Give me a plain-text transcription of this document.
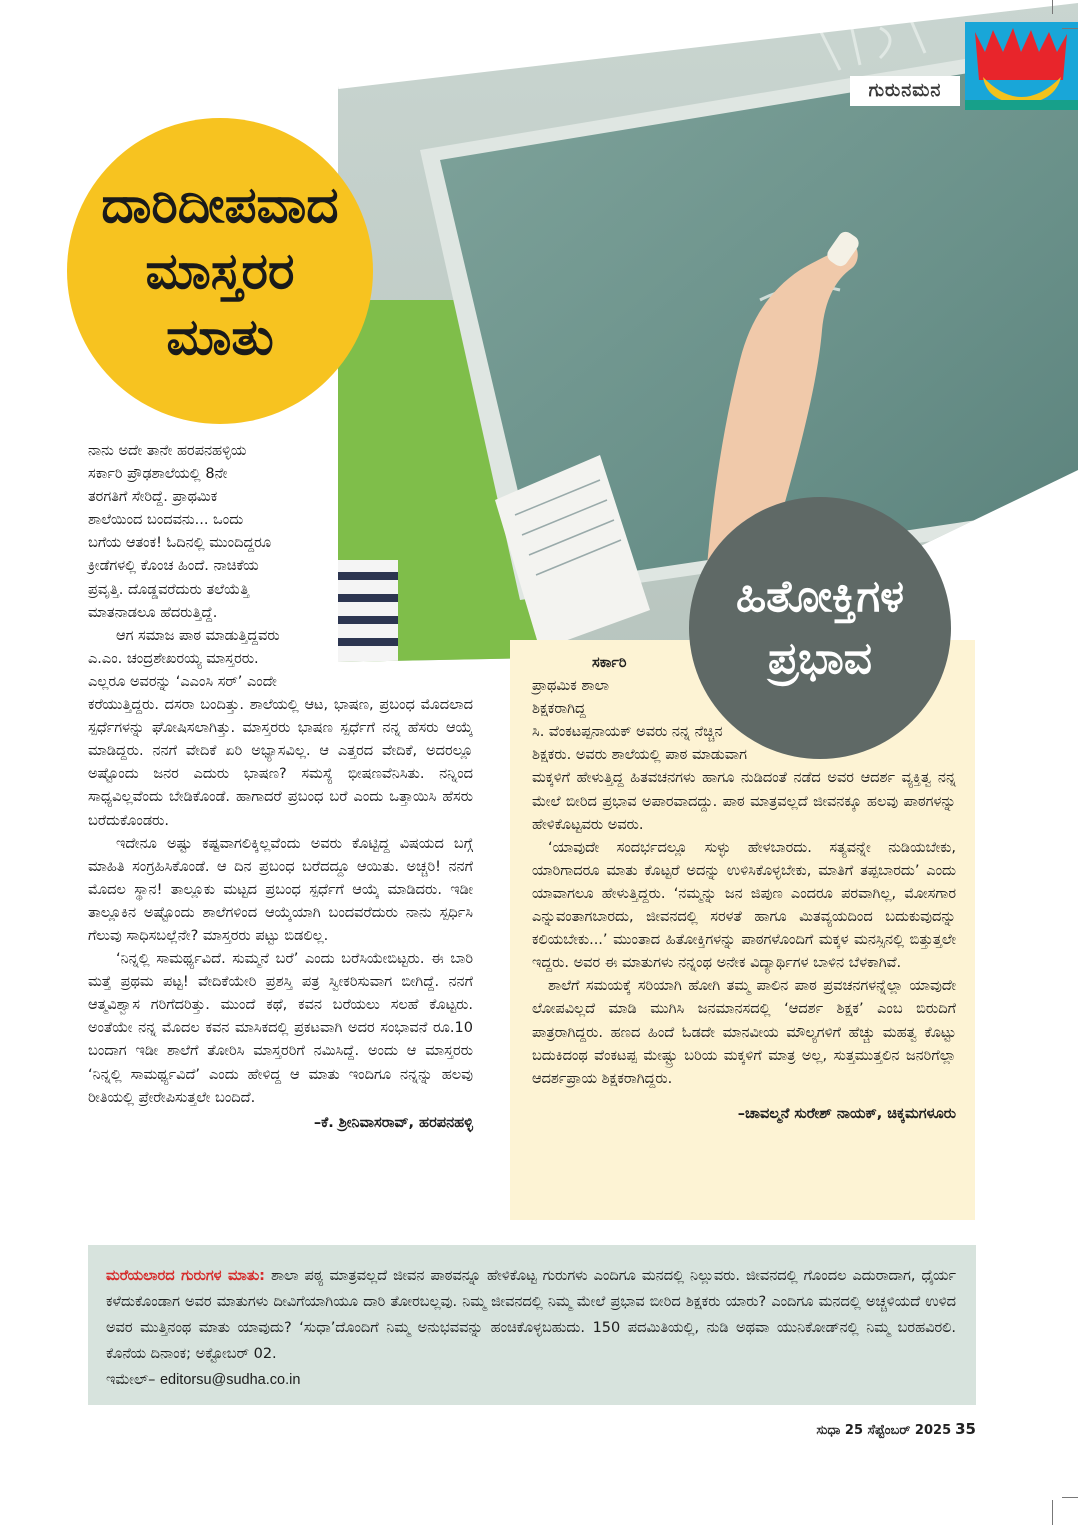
ಗುರುನಮನ
ದಾರಿದೀಪವಾದ
ಮಾಸ್ತರರ
ಮಾತು
ಹಿತೋಕ್ತಿಗಳ
ಪ್ರಭಾವ
ನಾನು ಅದೇ ತಾನೇ ಹರಪನಹಳ್ಳಿಯ
ಸರ್ಕಾರಿ ಪ್ರೌಢಶಾಲೆಯಲ್ಲಿ 8ನೇ
ತರಗತಿಗೆ ಸೇರಿದ್ದೆ. ಪ್ರಾಥಮಿಕ
ಶಾಲೆಯಿಂದ ಬಂದವನು... ಒಂದು
ಬಗೆಯ ಆತಂಕ! ಓದಿನಲ್ಲಿ ಮುಂದಿದ್ದರೂ
ಕ್ರೀಡೆಗಳಲ್ಲಿ ಕೊಂಚ ಹಿಂದೆ. ನಾಚಿಕೆಯ
ಪ್ರವೃತ್ತಿ. ದೊಡ್ಡವರೆದುರು ತಲೆಯೆತ್ತಿ
ಮಾತನಾಡಲೂ ಹೆದರುತ್ತಿದ್ದೆ.
ಆಗ ಸಮಾಜ ಪಾಠ ಮಾಡುತ್ತಿದ್ದವರು
ಎ.ಎಂ. ಚಂದ್ರಶೇಖರಯ್ಯ ಮಾಸ್ತರರು.
ಎಲ್ಲರೂ ಅವರನ್ನು ‘ಎಎಂಸಿ ಸರ್’ ಎಂದೇ

ಕರೆಯುತ್ತಿದ್ದರು. ದಸರಾ ಬಂದಿತ್ತು. ಶಾಲೆಯಲ್ಲಿ ಆಟ, ಭಾಷಣ, ಪ್ರಬಂಧ ಮೊದಲಾದ ಸ್ಪರ್ಧೆಗಳನ್ನು ಘೋಷಿಸಲಾಗಿತ್ತು. ಮಾಸ್ತರರು ಭಾಷಣ ಸ್ಪರ್ಧೆಗೆ ನನ್ನ ಹೆಸರು ಆಯ್ಕೆ ಮಾಡಿದ್ದರು. ನನಗೆ ವೇದಿಕೆ ಏರಿ ಅಭ್ಯಾಸವಿಲ್ಲ. ಆ ಎತ್ತರದ ವೇದಿಕೆ, ಅದರಲ್ಲೂ ಅಷ್ಟೊಂದು ಜನರ ಎದುರು ಭಾಷಣ? ಸಮಸ್ಯೆ ಭೀಷಣವೆನಿಸಿತು. ನನ್ನಿಂದ ಸಾಧ್ಯವಿಲ್ಲವೆಂದು ಬೇಡಿಕೊಂಡೆ. ಹಾಗಾದರೆ ಪ್ರಬಂಧ ಬರೆ ಎಂದು ಒತ್ತಾಯಿಸಿ ಹೆಸರು ಬರೆದುಕೊಂಡರು.

ಇದೇನೂ ಅಷ್ಟು ಕಷ್ಟವಾಗಲಿಕ್ಕಿಲ್ಲವೆಂದು ಅವರು ಕೊಟ್ಟಿದ್ದ ವಿಷಯದ ಬಗ್ಗೆ ಮಾಹಿತಿ ಸಂಗ್ರಹಿಸಿಕೊಂಡೆ. ಆ ದಿನ ಪ್ರಬಂಧ ಬರೆದದ್ದೂ ಆಯಿತು. ಅಚ್ಚರಿ! ನನಗೆ ಮೊದಲ ಸ್ಥಾನ! ತಾಲ್ಲೂಕು ಮಟ್ಟದ ಪ್ರಬಂಧ ಸ್ಪರ್ಧೆಗೆ ಆಯ್ಕೆ ಮಾಡಿದರು. ಇಡೀ ತಾಲ್ಲೂಕಿನ ಅಷ್ಟೊಂದು ಶಾಲೆಗಳಿಂದ ಆಯ್ಕೆಯಾಗಿ ಬಂದವರೆದುರು ನಾನು ಸ್ಪರ್ಧಿಸಿ ಗೆಲುವು ಸಾಧಿಸಬಲ್ಲೆನೇ? ಮಾಸ್ತರರು ಪಟ್ಟು ಬಿಡಲಿಲ್ಲ.

‘ನಿನ್ನಲ್ಲಿ ಸಾಮರ್ಥ್ಯವಿದೆ. ಸುಮ್ಮನೆ ಬರೆ’ ಎಂದು ಬರೆಸಿಯೇಬಿಟ್ಟರು. ಈ ಬಾರಿ ಮತ್ತೆ ಪ್ರಥಮ ಪಟ್ಟ! ವೇದಿಕೆಯೇರಿ ಪ್ರಶಸ್ತಿ ಪತ್ರ ಸ್ವೀಕರಿಸುವಾಗ ಬೀಗಿದ್ದೆ. ನನಗೆ ಆತ್ಮವಿಶ್ವಾಸ ಗರಿಗೆದರಿತ್ತು. ಮುಂದೆ ಕಥೆ, ಕವನ ಬರೆಯಲು ಸಲಹೆ ಕೊಟ್ಟರು. ಅಂತೆಯೇ ನನ್ನ ಮೊದಲ ಕವನ ಮಾಸಿಕದಲ್ಲಿ ಪ್ರಕಟವಾಗಿ ಅದರ ಸಂಭಾವನೆ ರೂ.10 ಬಂದಾಗ ಇಡೀ ಶಾಲೆಗೆ ತೋರಿಸಿ ಮಾಸ್ತರರಿಗೆ ನಮಿಸಿದ್ದೆ. ಅಂದು ಆ ಮಾಸ್ತರರು ‘ನಿನ್ನಲ್ಲಿ ಸಾಮರ್ಥ್ಯವಿದೆ’ ಎಂದು ಹೇಳಿದ್ದ ಆ ಮಾತು ಇಂದಿಗೂ ನನ್ನನ್ನು ಹಲವು ರೀತಿಯಲ್ಲಿ ಪ್ರೇರೇಪಿಸುತ್ತಲೇ ಬಂದಿದೆ.

–ಕೆ. ಶ್ರೀನಿವಾಸರಾವ್, ಹರಪನಹಳ್ಳಿ
ಸರ್ಕಾರಿ
ಪ್ರಾಥಮಿಕ ಶಾಲಾ
ಶಿಕ್ಷಕರಾಗಿದ್ದ
ಸಿ. ವೆಂಕಟಪ್ಪನಾಯಕ್ ಅವರು ನನ್ನ ನೆಚ್ಚಿನ
ಶಿಕ್ಷಕರು. ಅವರು ಶಾಲೆಯಲ್ಲಿ ಪಾಠ ಮಾಡುವಾಗ

ಮಕ್ಕಳಿಗೆ ಹೇಳುತ್ತಿದ್ದ ಹಿತವಚನಗಳು ಹಾಗೂ ನುಡಿದಂತೆ ನಡೆದ ಅವರ ಆದರ್ಶ ವ್ಯಕ್ತಿತ್ವ ನನ್ನ ಮೇಲೆ ಬೀರಿದ ಪ್ರಭಾವ ಅಪಾರವಾದದ್ದು. ಪಾಠ ಮಾತ್ರವಲ್ಲದೆ ಜೀವನಕ್ಕೂ ಹಲವು ಪಾಠಗಳನ್ನು ಹೇಳಿಕೊಟ್ಟವರು ಅವರು.

‘ಯಾವುದೇ ಸಂದರ್ಭದಲ್ಲೂ ಸುಳ್ಳು ಹೇಳಬಾರದು. ಸತ್ಯವನ್ನೇ ನುಡಿಯಬೇಕು, ಯಾರಿಗಾದರೂ ಮಾತು ಕೊಟ್ಟರೆ ಅದನ್ನು ಉಳಿಸಿಕೊಳ್ಳಬೇಕು, ಮಾತಿಗೆ ತಪ್ಪಬಾರದು’ ಎಂದು ಯಾವಾಗಲೂ ಹೇಳುತ್ತಿದ್ದರು. ‘ನಮ್ಮನ್ನು ಜನ ಜಿಪುಣ ಎಂದರೂ ಪರವಾಗಿಲ್ಲ, ಮೋಸಗಾರ ಎನ್ನುವಂತಾಗಬಾರದು, ಜೀವನದಲ್ಲಿ ಸರಳತೆ ಹಾಗೂ ಮಿತವ್ಯಯದಿಂದ ಬದುಕುವುದನ್ನು ಕಲಿಯಬೇಕು...’ ಮುಂತಾದ ಹಿತೋಕ್ತಿಗಳನ್ನು ಪಾಠಗಳೊಂದಿಗೆ ಮಕ್ಕಳ ಮನಸ್ಸಿನಲ್ಲಿ ಬಿತ್ತುತ್ತಲೇ ಇದ್ದರು. ಅವರ ಈ ಮಾತುಗಳು ನನ್ನಂಥ ಅನೇಕ ವಿದ್ಯಾರ್ಥಿಗಳ ಬಾಳಿನ ಬೆಳಕಾಗಿವೆ.

ಶಾಲೆಗೆ ಸಮಯಕ್ಕೆ ಸರಿಯಾಗಿ ಹೋಗಿ ತಮ್ಮ ಪಾಲಿನ ಪಾಠ ಪ್ರವಚನಗಳನ್ನೆಲ್ಲಾ ಯಾವುದೇ ಲೋಪವಿಲ್ಲದೆ ಮಾಡಿ ಮುಗಿಸಿ ಜನಮಾನಸದಲ್ಲಿ ‘ಆದರ್ಶ ಶಿಕ್ಷಕ’ ಎಂಬ ಬಿರುದಿಗೆ ಪಾತ್ರರಾಗಿದ್ದರು. ಹಣದ ಹಿಂದೆ ಓಡದೇ ಮಾನವೀಯ ಮೌಲ್ಯಗಳಿಗೆ ಹೆಚ್ಚು ಮಹತ್ವ ಕೊಟ್ಟು ಬದುಕಿದಂಥ ವೆಂಕಟಪ್ಪ ಮೇಷ್ಟ್ರು ಬರಿಯ ಮಕ್ಕಳಿಗೆ ಮಾತ್ರ ಅಲ್ಲ, ಸುತ್ತಮುತ್ತಲಿನ ಜನರಿಗೆಲ್ಲಾ ಆದರ್ಶಪ್ರಾಯ ಶಿಕ್ಷಕರಾಗಿದ್ದರು.

–ಚಾವಲ್ಮನೆ ಸುರೇಶ್ ನಾಯಕ್, ಚಿಕ್ಕಮಗಳೂರು
ಮರೆಯಲಾರದ ಗುರುಗಳ ಮಾತು: ಶಾಲಾ ಪಠ್ಯ ಮಾತ್ರವಲ್ಲದೆ ಜೀವನ ಪಾಠವನ್ನೂ ಹೇಳಿಕೊಟ್ಟ ಗುರುಗಳು ಎಂದಿಗೂ ಮನದಲ್ಲಿ ನಿಲ್ಲುವರು. ಜೀವನದಲ್ಲಿ ಗೊಂದಲ ಎದುರಾದಾಗ, ಧೈರ್ಯ ಕಳೆದುಕೊಂಡಾಗ ಅವರ ಮಾತುಗಳು ದೀವಿಗೆಯಾಗಿಯೂ ದಾರಿ ತೋರಬಲ್ಲವು. ನಿಮ್ಮ ಜೀವನದಲ್ಲಿ ನಿಮ್ಮ ಮೇಲೆ ಪ್ರಭಾವ ಬೀರಿದ ಶಿಕ್ಷಕರು ಯಾರು? ಎಂದಿಗೂ ಮನದಲ್ಲಿ ಅಚ್ಚಳಿಯದೆ ಉಳಿದ ಅವರ ಮುತ್ತಿನಂಥ ಮಾತು ಯಾವುದು? ‘ಸುಧಾ’ದೊಂದಿಗೆ ನಿಮ್ಮ ಅನುಭವವನ್ನು ಹಂಚಿಕೊಳ್ಳಬಹುದು. 150 ಪದಮಿತಿಯಲ್ಲಿ, ನುಡಿ ಅಥವಾ ಯುನಿಕೋಡ್‌ನಲ್ಲಿ ನಿಮ್ಮ ಬರಹವಿರಲಿ. ಕೊನೆಯ ದಿನಾಂಕ; ಅಕ್ಟೋಬರ್ 02.
ಇಮೇಲ್– editorsu@sudha.co.in
ಸುಧಾ 25 ಸೆಪ್ಟೆಂಬರ್ 2025 35
